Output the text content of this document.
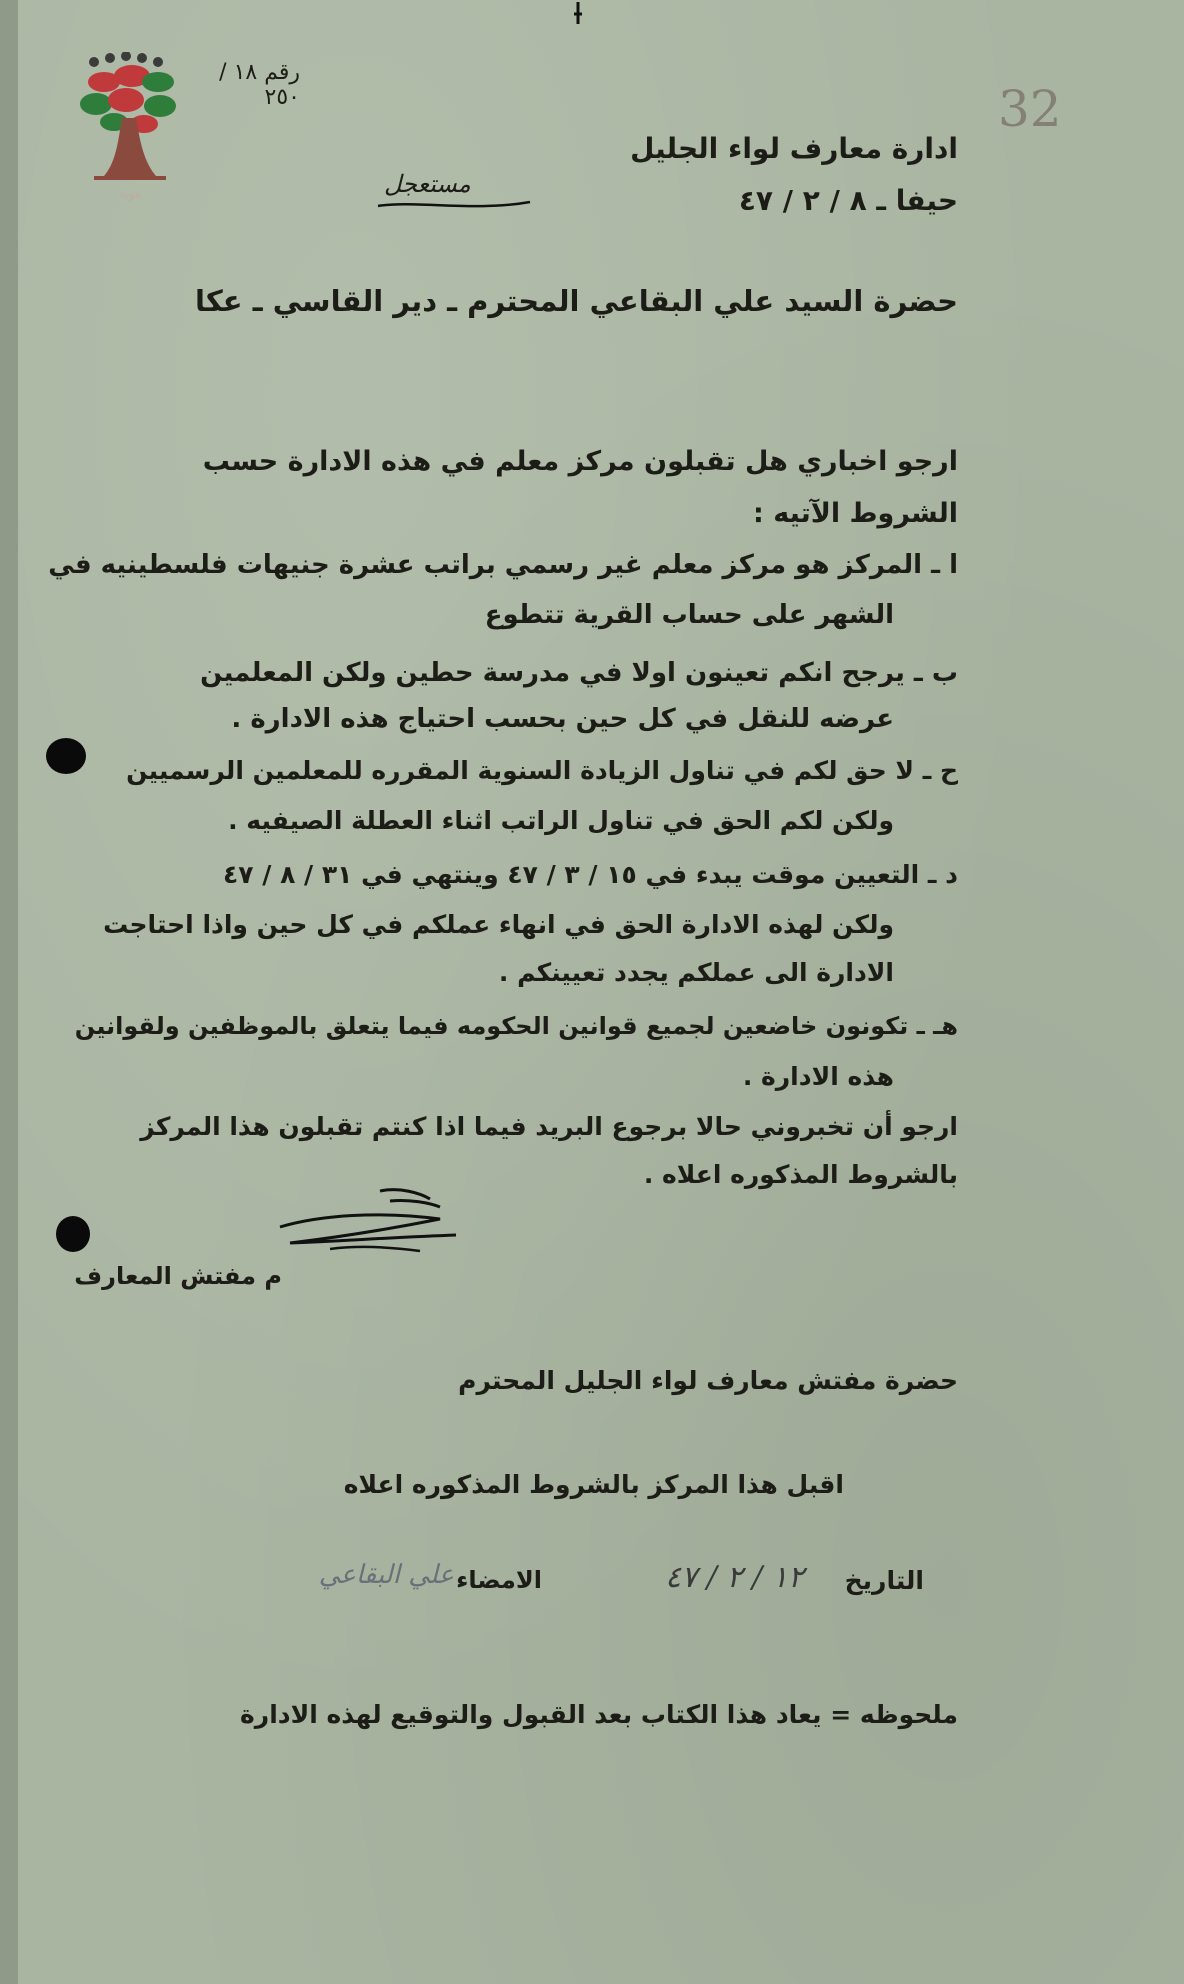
هوية
رقم ١٨ / ٢٥٠	32
ادارة معارف لواء الجليل
حيفا ـ ٨ / ٢ / ٤٧
مستعجل
حضرة السيد علي البقاعي المحترم ـ دير القاسي ـ عكا
ارجو اخباري هل تقبلون مركز معلم في هذه الادارة حسب
الشروط الآتيه :
ا ـ المركز هو مركز معلم غير رسمي براتب عشرة جنيهات فلسطينيه في
الشهر على حساب القرية تتطوع
ب ـ يرجح انكم تعينون اولا في مدرسة حطين ولكن المعلمين
عرضه للنقل في كل حين بحسب احتياج هذه الادارة .
ح ـ لا حق لكم في تناول الزيادة السنوية المقرره للمعلمين الرسميين
ولكن لكم الحق في تناول الراتب اثناء العطلة الصيفيه .
د ـ التعيين موقت يبدء في ١٥ / ٣ / ٤٧ وينتهي في ٣١ / ٨ / ٤٧
ولكن لهذه الادارة الحق في انهاء عملكم في كل حين واذا احتاجت
الادارة الى عملكم يجدد تعيينكم .
هـ ـ تكونون خاضعين لجميع قوانين الحكومه فيما يتعلق بالموظفين ولقوانين
هذه الادارة .
ارجو أن تخبروني حالا برجوع البريد فيما اذا كنتم تقبلون هذا المركز
بالشروط المذكوره اعلاه .
م مفتش المعارف
حضرة مفتش معارف لواء الجليل المحترم
اقبل هذا المركز بالشروط المذكوره اعلاه
التاريخ
١٢ / ٢ / ٤٧
الامضاء
علي البقاعي
ملحوظه = يعاد هذا الكتاب بعد القبول والتوقيع لهذه الادارة
